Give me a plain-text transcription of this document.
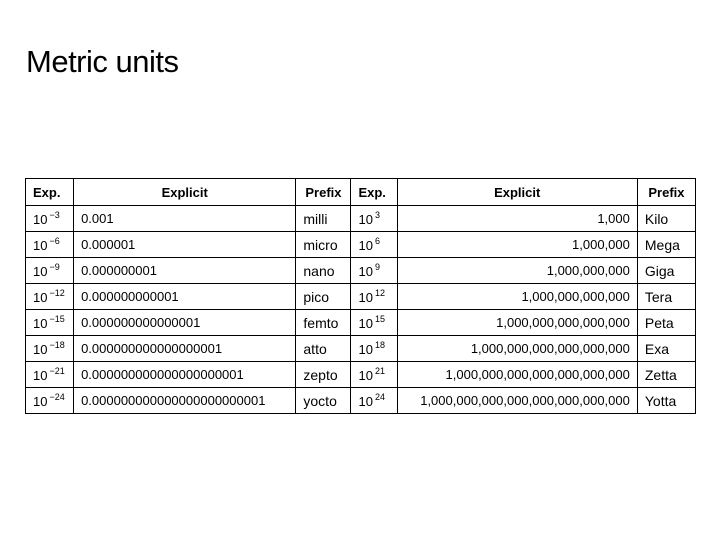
Metric units
Exp.	Explicit	Prefix	Exp.	Explicit	Prefix
10 $^{-3}$	0.001	milli	10 $^3$	1,000	Kilo
10 $^{-6}$	0.000001	micro	10 $^6$	1,000,000	Mega
10 $^{-9}$	0.000000001	nano	10 $^9$	1,000,000,000	Giga
10 $^{-12}$	0.000000000001	pico	10 $^{12}$	1,000,000,000,000	Tera
10 $^{-15}$	0.000000000000001	femto	10 $^{15}$	1,000,000,000,000,000	Peta
10 $^{-18}$	0.000000000000000001	atto	10 $^{18}$	1,000,000,000,000,000,000	Exa
10 $^{-21}$	0.000000000000000000001	zepto	10 $^{21}$	1,000,000,000,000,000,000,000	Zetta
10 $^{-24}$	0.000000000000000000000001	yocto	10 $^{24}$	1,000,000,000,000,000,000,000,000	Yotta
